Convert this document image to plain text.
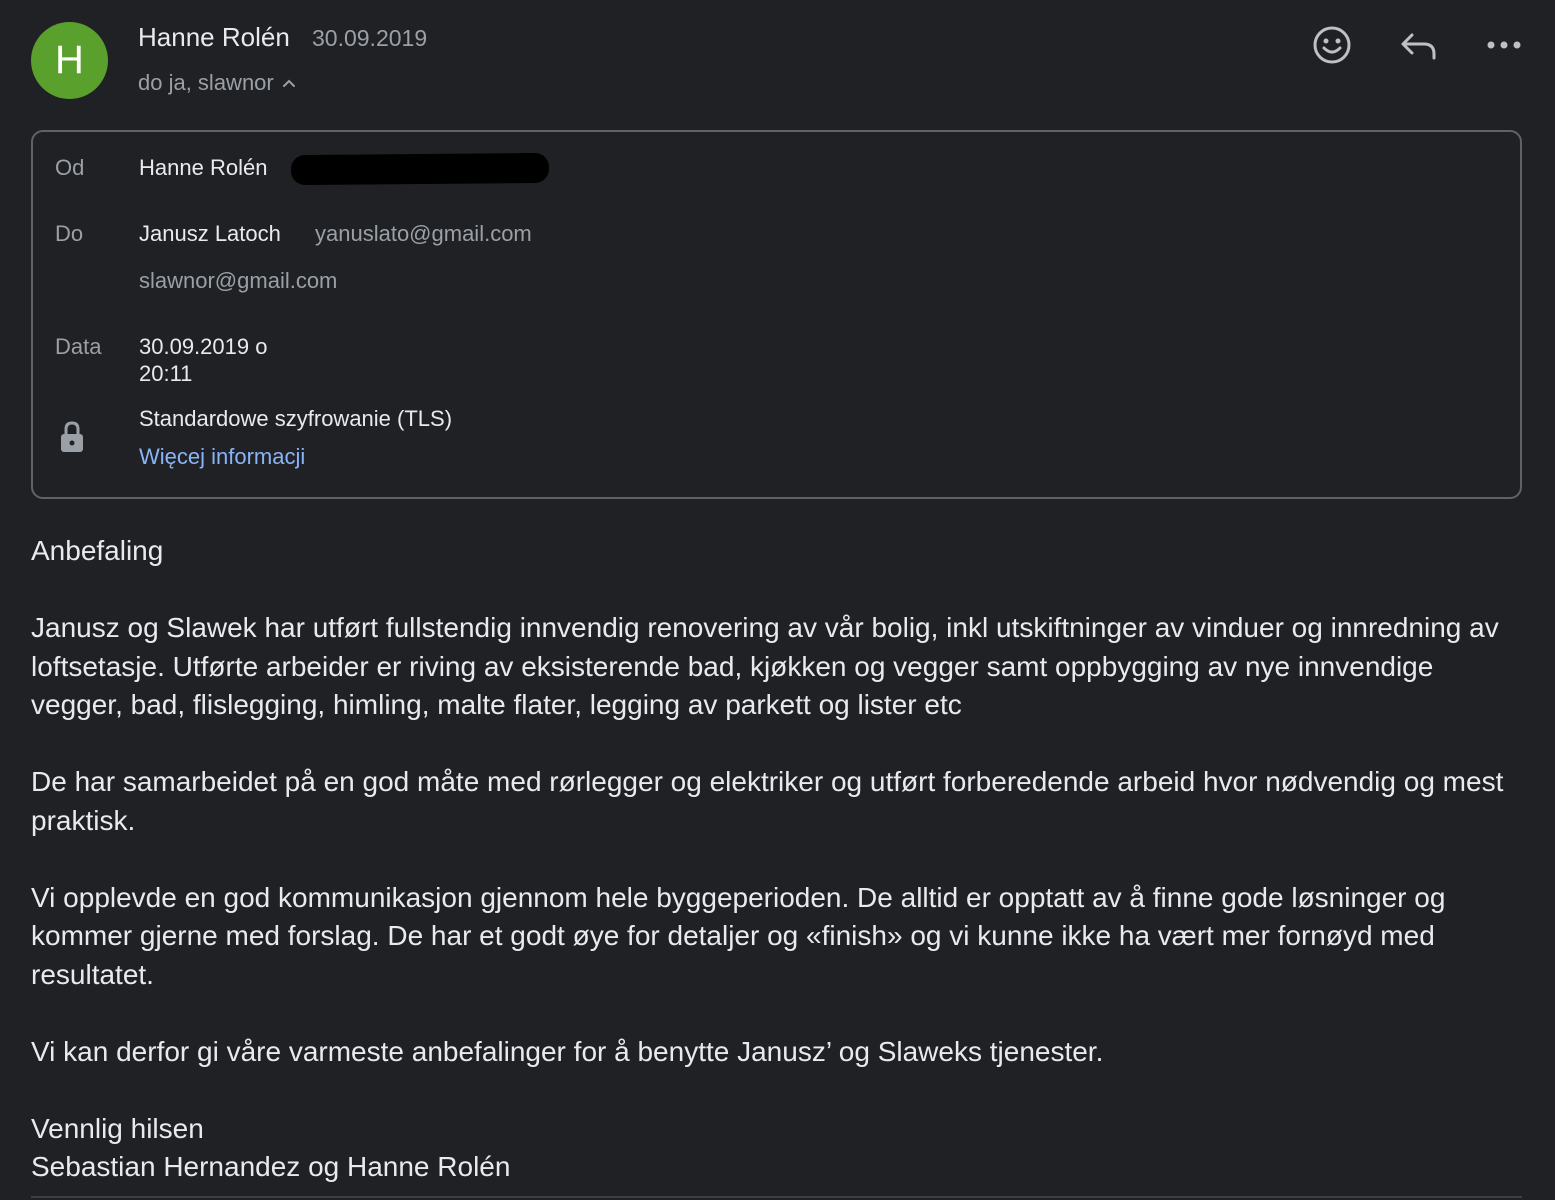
H
Hanne Rolén 30.09.2019
do ja, slawnor
Od Hanne Rolén
Do	Janusz Latoch yanuslato@gmail.com
slawnor@gmail.com
Data 30.09.2019 o
20:11
Standardowe szyfrowanie (TLS)
Więcej informacji

Anbefaling

Janusz og Slawek har utført fullstendig innvendig renovering av vår bolig, inkl utskiftninger av vinduer og innredning av loftsetasje. Utførte arbeider er riving av eksisterende bad, kjøkken og vegger samt oppbygging av nye innvendige vegger, bad, flislegging, himling, malte flater, legging av parkett og lister etc

De har samarbeidet på en god måte med rørlegger og elektriker og utført forberedende arbeid hvor nødvendig og mest praktisk.

Vi opplevde en god kommunikasjon gjennom hele byggeperioden. De alltid er opptatt av å finne gode løsninger og kommer gjerne med forslag. De har et godt øye for detaljer og «finish» og vi kunne ikke ha vært mer fornøyd med resultatet.

Vi kan derfor gi våre varmeste anbefalinger for å benytte Janusz’ og Slaweks tjenester.

Vennlig hilsen
Sebastian Hernandez og Hanne Rolén
